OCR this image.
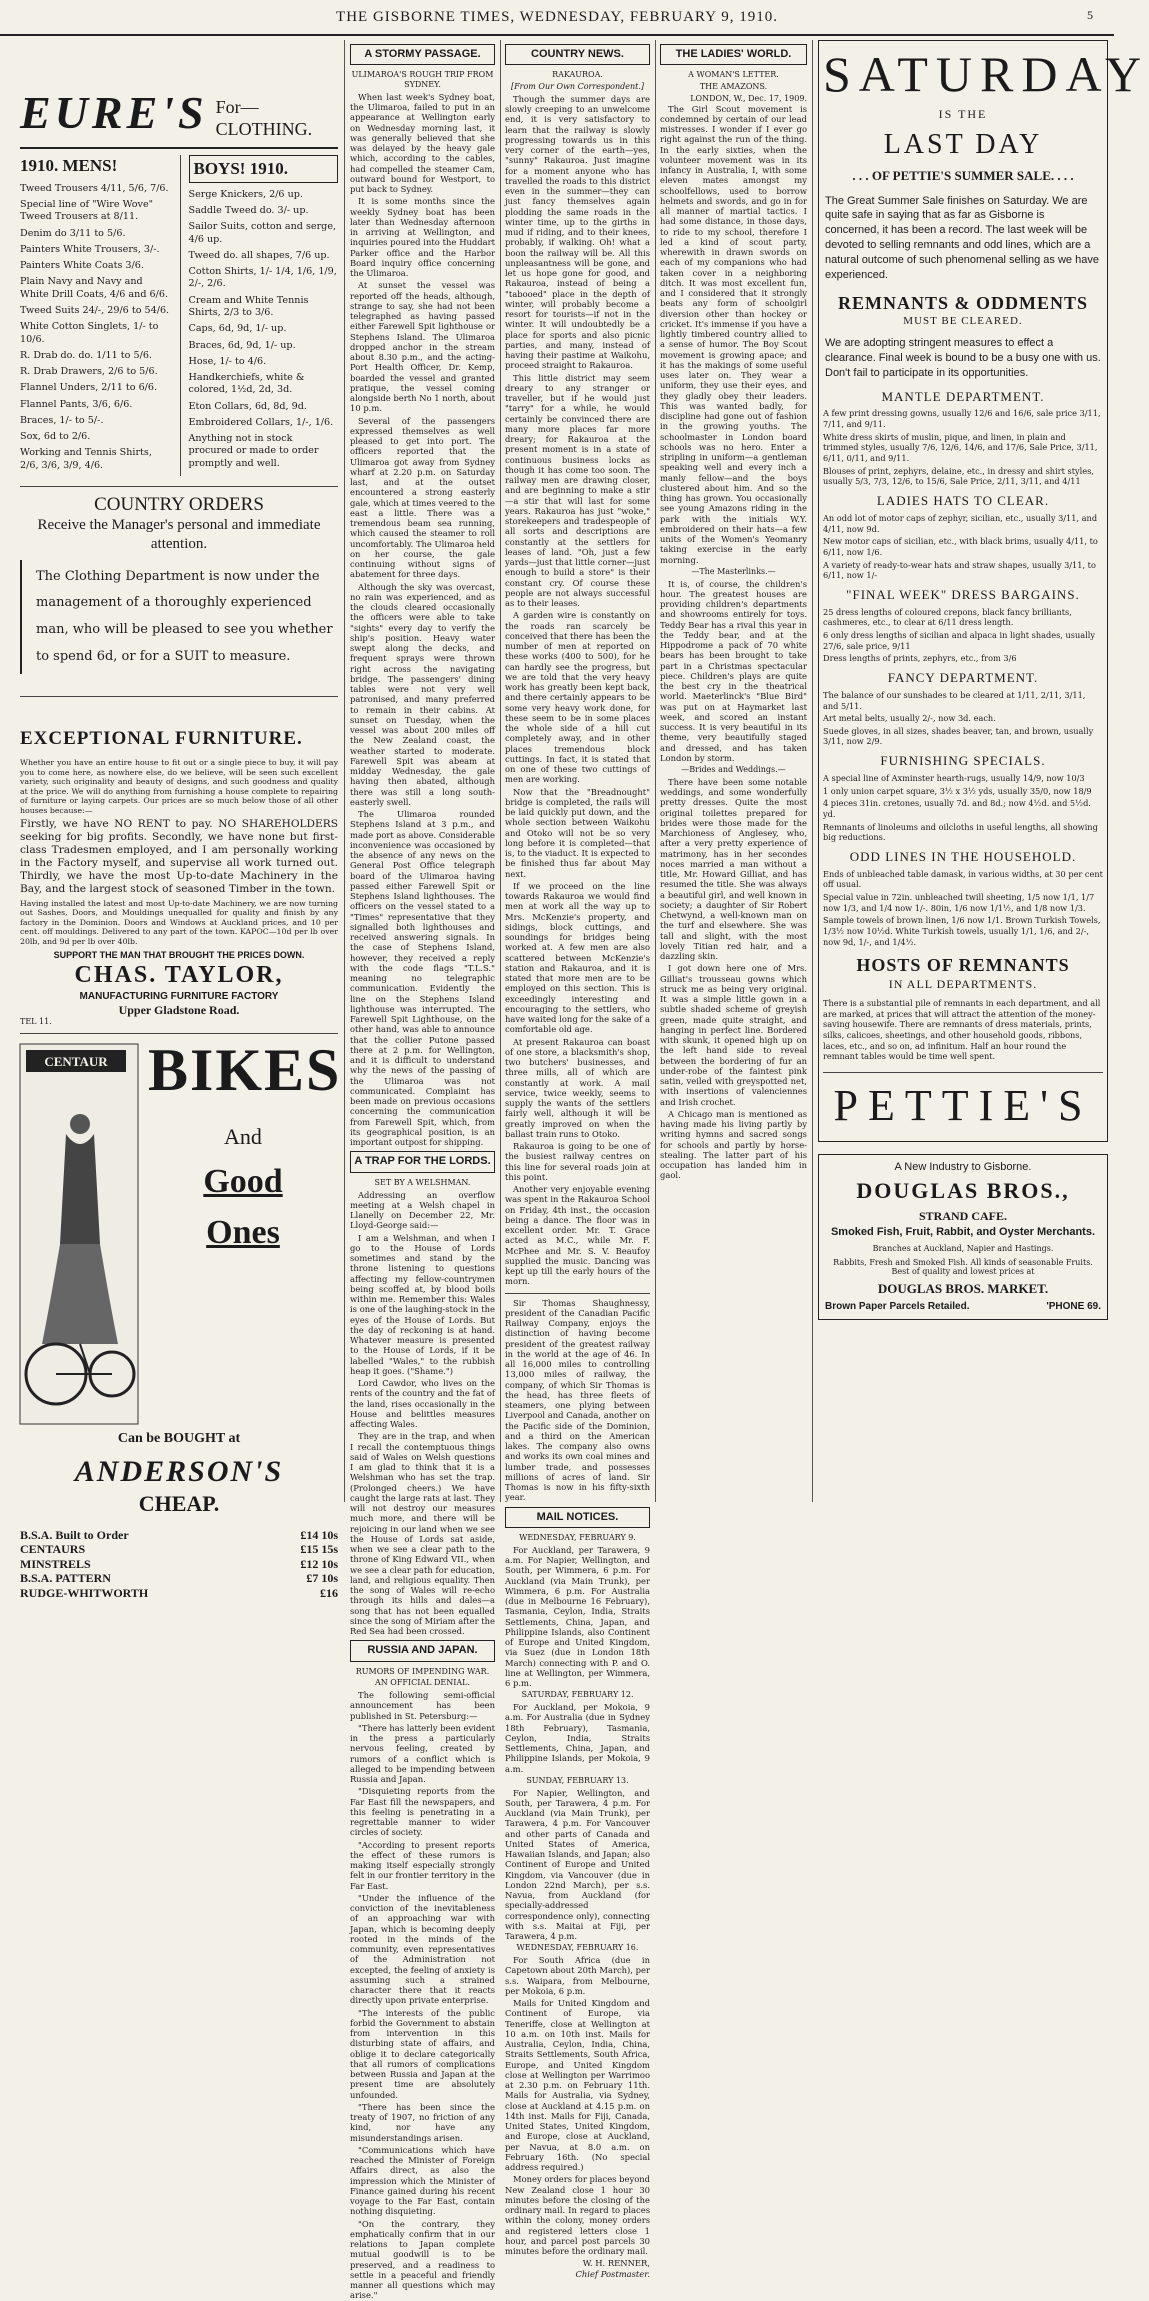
THE GISBORNE TIMES, WEDNESDAY, FEBRUARY 9, 1910.	5
EURE'S For—CLOTHING.
1910. MENS!
Tweed Trousers 4/11, 5/6, 7/6.
Special line of "Wire Wove" Tweed Trousers at 8/11.
Denim do 3/11 to 5/6.
Painters White Trousers, 3/-.
Painters White Coats 3/6.
Plain Navy and Navy and White Drill Coats, 4/6 and 6/6.
Tweed Suits 24/-, 29/6 to 54/6.
White Cotton Singlets, 1/- to 10/6.
R. Drab do. do. 1/11 to 5/6.
R. Drab Drawers, 2/6 to 5/6.
Flannel Unders, 2/11 to 6/6.
Flannel Pants, 3/6, 6/6.
Braces, 1/- to 5/-.
Sox, 6d to 2/6.
Working and Tennis Shirts, 2/6, 3/6, 3/9, 4/6.
BOYS! 1910.
Serge Knickers, 2/6 up.
Saddle Tweed do. 3/- up.
Sailor Suits, cotton and serge, 4/6 up.
Tweed do. all shapes, 7/6 up.
Cotton Shirts, 1/- 1/4, 1/6, 1/9, 2/-, 2/6.
Cream and White Tennis Shirts, 2/3 to 3/6.
Caps, 6d, 9d, 1/- up.
Braces, 6d, 9d, 1/- up.
Hose, 1/- to 4/6.
Handkerchiefs, white & colored, 1½d, 2d, 3d.
Eton Collars, 6d, 8d, 9d.
Embroidered Collars, 1/-, 1/6.
Anything not in stock procured or made to order promptly and well.
COUNTRY ORDERS
Receive the Manager's personal and immediate attention.
The Clothing Department is now under the management of a thoroughly experienced man, who will be pleased to see you whether to spend 6d, or for a SUIT to measure.
EXCEPTIONAL FURNITURE.

Whether you have an entire house to fit out or a single piece to buy, it will pay you to come here, as nowhere else, do we believe, will be seen such excellent variety, such originality and beauty of designs, and such goodness and quality at the price. We will do anything from furnishing a house complete to repairing of furniture or laying carpets. Our prices are so much below those of all other houses because:—

Firstly, we have NO RENT to pay. NO SHAREHOLDERS seeking for big profits. Secondly, we have none but first-class Tradesmen employed, and I am personally working in the Factory myself, and supervise all work turned out. Thirdly, we have the most Up-to-date Machinery in the Bay, and the largest stock of seasoned Timber in the town.

Having installed the latest and most Up-to-date Machinery, we are now turning out Sashes, Doors, and Mouldings unequalled for quality and finish by any factory in the Dominion. Doors and Windows at Auckland prices, and 10 per cent. off mouldings. Delivered to any part of the town. KAPOC—10d per lb over 20lb, and 9d per lb over 40lb.

SUPPORT THE MAN THAT BROUGHT THE PRICES DOWN.
CHAS. TAYLOR,
MANUFACTURING FURNITURE FACTORY
Upper Gladstone Road.
TEL 11.
CENTAUR BIKES
And
Good
Ones
Can be BOUGHT at
ANDERSON'S
CHEAP.
B.S.A. Built to Order	£14 10s
CENTAURS	£15 15s
MINSTRELS	£12 10s
B.S.A. PATTERN	£7 10s
RUDGE-WHITWORTH	£16
A STORMY PASSAGE.
ULIMAROA'S ROUGH TRIP FROM SYDNEY.

When last week's Sydney boat, the Ulimaroa, failed to put in an appearance at Wellington early on Wednesday morning last, it was generally believed that she was delayed by the heavy gale which, according to the cables, had compelled the steamer Cam, outward bound for Westport, to put back to Sydney.

It is some months since the weekly Sydney boat has been later than Wednesday afternoon in arriving at Wellington, and inquiries poured into the Huddart Parker office and the Harbor Board inquiry office concerning the Ulimaroa.

At sunset the vessel was reported off the heads, although, strange to say, she had not been telegraphed as having passed either Farewell Spit lighthouse or Stephens Island. The Ulimaroa dropped anchor in the stream about 8.30 p.m., and the acting-Port Health Officer, Dr. Kemp, boarded the vessel and granted pratique, the vessel coming alongside berth No 1 north, about 10 p.m.

Several of the passengers expressed themselves as well pleased to get into port. The officers reported that the Ulimaroa got away from Sydney wharf at 2.20 p.m. on Saturday last, and at the outset encountered a strong easterly gale, which at times veered to the east a little. There was a tremendous beam sea running, which caused the steamer to roll uncomfortably. The Ulimaroa held on her course, the gale continuing without signs of abatement for three days.

Although the sky was overcast, no rain was experienced, and as the clouds cleared occasionally the officers were able to take "sights" every day to verify the ship's position. Heavy water swept along the decks, and frequent sprays were thrown right across the navigating bridge. The passengers' dining tables were not very well patronised, and many preferred to remain in their cabins. At sunset on Tuesday, when the vessel was about 200 miles off the New Zealand coast, the weather started to moderate. Farewell Spit was abeam at midday Wednesday, the gale having then abated, although there was still a long south-easterly swell.

The Ulimaroa rounded Stephens Island at 3 p.m., and made port as above. Considerable inconvenience was occasioned by the absence of any news on the General Post Office telegraph board of the Ulimaroa having passed either Farewell Spit or Stephens Island lighthouses. The officers on the vessel stated to a "Times" representative that they signalled both lighthouses and received answering signals. In the case of Stephens Island, however, they received a reply with the code flags "T.L.S." meaning no telegraphic communication. Evidently the line on the Stephens Island lighthouse was interrupted. The Farewell Spit Lighthouse, on the other hand, was able to announce that the collier Putone passed there at 2 p.m. for Wellington, and it is difficult to understand why the news of the passing of the Ulimaroa was not communicated. Complaint has been made on previous occasions concerning the communication from Farewell Spit, which, from its geographical position, is an important outpost for shipping.

A TRAP FOR THE LORDS.
SET BY A WELSHMAN.

Addressing an overflow meeting at a Welsh chapel in Llanelly on December 22, Mr. Lloyd-George said:—

I am a Welshman, and when I go to the House of Lords sometimes and stand by the throne listening to questions affecting my fellow-countrymen being scoffed at, by blood boils within me. Remember this: Wales is one of the laughing-stock in the eyes of the House of Lords. But the day of reckoning is at hand. Whatever measure is presented to the House of Lords, if it be labelled "Wales," to the rubbish heap it goes. ("Shame.")

Lord Cawdor, who lives on the rents of the country and the fat of the land, rises occasionally in the House and belittles measures affecting Wales.

They are in the trap, and when I recall the contemptuous things said of Wales on Welsh questions I am glad to think that it is a Welshman who has set the trap. (Prolonged cheers.) We have caught the large rats at last. They will not destroy our measures much more, and there will be rejoicing in our land when we see the House of Lords sat aside, when we see a clear path to the throne of King Edward VII., when we see a clear path for education, land, and religious equality. Then the song of Wales will re-echo through its hills and dales—a song that has not been equalled since the song of Miriam after the Red Sea had been crossed.

RUSSIA AND JAPAN.
RUMORS OF IMPENDING WAR.
AN OFFICIAL DENIAL.

The following semi-official announcement has been published in St. Petersburg:—

"There has latterly been evident in the press a particularly nervous feeling, created by rumors of a conflict which is alleged to be impending between Russia and Japan.

"Disquieting reports from the Far East fill the newspapers, and this feeling is penetrating in a regrettable manner to wider circles of society.

"According to present reports the effect of these rumors is making itself especially strongly felt in our frontier territory in the Far East.

"Under the influence of the conviction of the inevitableness of an approaching war with Japan, which is becoming deeply rooted in the minds of the community, even representatives of the Administration not excepted, the feeling of anxiety is assuming such a strained character there that it reacts directly upon private enterprise.

"The interests of the public forbid the Government to abstain from intervention in this disturbing state of affairs, and oblige it to declare categorically that all rumors of complications between Russia and Japan at the present time are absolutely unfounded.

"There has been since the treaty of 1907, no friction of any kind, nor have any misunderstandings arisen.

"Communications which have reached the Minister of Foreign Affairs direct, as also the impression which the Minister of Finance gained during his recent voyage to the Far East, contain nothing disquieting.

"On the contrary, they emphatically confirm that in our relations to Japan complete mutual goodwill is to be preserved, and a readiness to settle in a peaceful and friendly manner all questions which may arise."

COUNTRY NEWS.
RAKAUROA.
[From Our Own Correspondent.]

Though the summer days are slowly creeping to an unwelcome end, it is very satisfactory to learn that the railway is slowly progressing towards us in this very corner of the earth—yes, "sunny" Rakauroa. Just imagine for a moment anyone who has travelled the roads to this district even in the summer—they can just fancy themselves again plodding the same roads in the winter time, up to the girths in mud if riding, and to their knees, probably, if walking. Oh! what a boon the railway will be. All this unpleasantness will be gone, and let us hope gone for good, and Rakauroa, instead of being a "tabooed" place in the depth of winter, will probably become a resort for tourists—if not in the winter. It will undoubtedly be a place for sports and also picnic parties, and many, instead of having their pastime at Waikohu, proceed straight to Rakauroa.

This little district may seem dreary to any stranger or traveller, but if he would just "tarry" for a while, he would certainly be convinced there are many more places far more dreary; for Rakauroa at the present moment is in a state of continuous business locks as though it has come too soon. The railway men are drawing closer, and are beginning to make a stir—a stir that will last for some years. Rakauroa has just "woke," storekeepers and tradespeople of all sorts and descriptions are constantly at the settlers for leases of land. "Oh, just a few yards—just that little corner—just enough to build a store" is their constant cry. Of course these people are not always successful as to their leases.

A garden wire is constantly on the roads ran scarcely be conceived that there has been the number of men at reported on these works (400 to 500), for he can hardly see the progress, but we are told that the very heavy work has greatly been kept back, and there certainly appears to be some very heavy work done, for these seem to be in some places the whole side of a hill cut completely away, and in other places tremendous block cuttings. In fact, it is stated that on one of these two cuttings of men are working.

Now that the "Breadnought" bridge is completed, the rails will be laid quickly put down, and the whole section between Waikohu and Otoko will not be so very long before it is completed—that is, to the viaduct. It is expected to be finished thus far about May next.

If we proceed on the line towards Rakauroa we would find men at work all the way up to Mrs. McKenzie's property, and sidings, block cuttings, and soundings for bridges being worked at. A few men are also scattered between McKenzie's station and Rakauroa, and it is stated that more men are to be employed on this section. This is exceedingly interesting and encouraging to the settlers, who have waited long for the sake of a comfortable old age.

At present Rakauroa can boast of one store, a blacksmith's shop, two butchers' businesses, and three mills, all of which are constantly at work. A mail service, twice weekly, seems to supply the wants of the settlers fairly well, although it will be greatly improved on when the ballast train runs to Otoko.

Rakauroa is going to be one of the busiest railway centres on this line for several roads join at this point.

Another very enjoyable evening was spent in the Rakauroa School on Friday, 4th inst., the occasion being a dance. The floor was in excellent order. Mr. T. Grace acted as M.C., while Mr. F. McPhee and Mr. S. V. Beaufoy supplied the music. Dancing was kept up till the early hours of the morn.

Sir Thomas Shaughnessy, president of the Canadian Pacific Railway Company, enjoys the distinction of having become president of the greatest railway in the world at the age of 46. In all 16,000 miles to controlling 13,000 miles of railway, the company, of which Sir Thomas is the head, has three fleets of steamers, one plying between Liverpool and Canada, another on the Pacific side of the Dominion, and a third on the American lakes. The company also owns and works its own coal mines and lumber trade, and possesses millions of acres of land. Sir Thomas is now in his fifty-sixth year.

MAIL NOTICES.
WEDNESDAY, FEBRUARY 9.

For Auckland, per Tarawera, 9 a.m. For Napier, Wellington, and South, per Wimmera, 6 p.m. For Auckland (via Main Trunk), per Wimmera, 6 p.m. For Australia (due in Melbourne 16 February), Tasmania, Ceylon, India, Straits Settlements, China, Japan, and Philippine Islands, also Continent of Europe and United Kingdom, via Suez (due in London 18th March) connecting with P. and O. line at Wellington, per Wimmera, 6 p.m.

SATURDAY, FEBRUARY 12.

For Auckland, per Mokoia, 9 a.m. For Australia (due in Sydney 18th February), Tasmania, Ceylon, India, Straits Settlements, China, Japan, and Philippine Islands, per Mokoia, 9 a.m.

SUNDAY, FEBRUARY 13.

For Napier, Wellington, and South, per Tarawera, 4 p.m. For Auckland (via Main Trunk), per Tarawera, 4 p.m. For Vancouver and other parts of Canada and United States of America, Hawaiian Islands, and Japan; also Continent of Europe and United Kingdom, via Vancouver (due in London 22nd March), per s.s. Navua, from Auckland (for specially-addressed correspondence only), connecting with s.s. Maitai at Fiji, per Tarawera, 4 p.m.

WEDNESDAY, FEBRUARY 16.

For South Africa (due in Capetown about 20th March), per s.s. Waipara, from Melbourne, per Mokoia, 6 p.m.

Mails for United Kingdom and Continent of Europe, via Teneriffe, close at Wellington at 10 a.m. on 10th inst. Mails for Australia, Ceylon, India, China, Straits Settlements, South Africa, Europe, and United Kingdom close at Wellington per Warrimoo at 2.30 p.m. on February 11th. Mails for Australia, via Sydney, close at Auckland at 4.15 p.m. on 14th inst. Mails for Fiji, Canada, United States, United Kingdom, and Europe, close at Auckland, per Navua, at 8.0 a.m. on February 16th. (No special address required.)

Money orders for places beyond New Zealand close 1 hour 30 minutes before the closing of the ordinary mail. In regard to places within the colony, money orders and registered letters close 1 hour, and parcel post parcels 30 minutes before the ordinary mail.

W. H. RENNER,
Chief Postmaster.
THE LADIES' WORLD.
A WOMAN'S LETTER.
THE AMAZONS.
LONDON, W., Dec. 17, 1909.

The Girl Scout movement is condemned by certain of our lead mistresses. I wonder if I ever go right against the run of the thing. In the early sixties, when the volunteer movement was in its infancy in Australia, I, with some eleven mates amongst my schoolfellows, used to borrow helmets and swords, and go in for all manner of martial tactics. I had some distance, in those days, to ride to my school, therefore I led a kind of scout party, wherewith in drawn swords on each of my companions who had taken cover in a neighboring ditch. It was most excellent fun, and I considered that it strongly beats any form of schoolgirl diversion other than hockey or cricket. It's immense if you have a lightly timbered country allied to a sense of humor. The Boy Scout movement is growing apace; and it has the makings of some useful uses later on. They wear a uniform, they use their eyes, and they gladly obey their leaders. This was wanted badly, for discipline had gone out of fashion in the growing youths. The schoolmaster in London board schools was no hero. Enter a stripling in uniform—a gentleman speaking well and every inch a manly fellow—and the boys clustered about him. And so the thing has grown. You occasionally see young Amazons riding in the park with the initials W.Y. embroidered on their hats—a few units of the Women's Yeomanry taking exercise in the early morning.

—The Masterlinks.—

It is, of course, the children's hour. The greatest houses are providing children's departments and showrooms entirely for toys. Teddy Bear has a rival this year in the Teddy bear, and at the Hippodrome a pack of 70 white bears has been brought to take part in a Christmas spectacular piece. Children's plays are quite the best cry in the theatrical world. Maeterlinck's "Blue Bird" was put on at Haymarket last week, and scored an instant success. It is very beautiful in its theme, very beautifully staged and dressed, and has taken London by storm.

—Brides and Weddings.—

There have been some notable weddings, and some wonderfully pretty dresses. Quite the most original toilettes prepared for brides were those made for the Marchioness of Anglesey, who, after a very pretty experience of matrimony, has in her secondes noces married a man without a title, Mr. Howard Gilliat, and has resumed the title. She was always a beautiful girl, and well known in society; a daughter of Sir Robert Chetwynd, a well-known man on the turf and elsewhere. She was tall and slight, with the most lovely Titian red hair, and a dazzling skin.

I got down here one of Mrs. Gilliat's trousseau gowns which struck me as being very original. It was a simple little gown in a subtle shaded scheme of greyish green, made quite straight, and hanging in perfect line. Bordered with skunk, it opened high up on the left hand side to reveal between the bordering of fur an under-robe of the faintest pink satin, veiled with greyspotted net, with insertions of valenciennes and Irish crochet.

A Chicago man is mentioned as having made his living partly by writing hymns and sacred songs for schools and partly by horse-stealing. The latter part of his occupation has landed him in gaol.

SATURDAY
IS THE
LAST DAY
. . . OF PETTIE'S SUMMER SALE. . . .

The Great Summer Sale finishes on Saturday. We are quite safe in saying that as far as Gisborne is concerned, it has been a record. The last week will be devoted to selling remnants and odd lines, which are a natural outcome of such phenomenal selling as we have experienced.

REMNANTS & ODDMENTS
MUST BE CLEARED.

We are adopting stringent measures to effect a clearance. Final week is bound to be a busy one with us. Don't fail to participate in its opportunities.

MANTLE DEPARTMENT.

A few print dressing gowns, usually 12/6 and 16/6, sale price 3/11, 7/11, and 9/11.

White dress skirts of muslin, pique, and linen, in plain and trimmed styles, usually 7/6, 12/6, 14/6, and 17/6, Sale Price, 3/11, 6/11, 0/11, and 9/11.

Blouses of print, zephyrs, delaine, etc., in dressy and shirt styles, usually 5/3, 7/3, 12/6, to 15/6, Sale Price, 2/11, 3/11, and 4/11

LADIES HATS TO CLEAR.

An odd lot of motor caps of zephyr, sicilian, etc., usually 3/11, and 4/11, now 9d.

New motor caps of sicilian, etc., with black brims, usually 4/11, to 6/11, now 1/6.

A variety of ready-to-wear hats and straw shapes, usually 3/11, to 6/11, now 1/-

"FINAL WEEK" DRESS BARGAINS.

25 dress lengths of coloured crepons, black fancy brilliants, cashmeres, etc., to clear at 6/11 dress length.

6 only dress lengths of sicilian and alpaca in light shades, usually 27/6, sale price, 9/11

Dress lengths of prints, zephyrs, etc., from 3/6

FANCY DEPARTMENT.

The balance of our sunshades to be cleared at 1/11, 2/11, 3/11, and 5/11.

Art metal belts, usually 2/-, now 3d. each.

Suede gloves, in all sizes, shades beaver, tan, and brown, usually 3/11, now 2/9.

FURNISHING SPECIALS.

A special line of Axminster hearth-rugs, usually 14/9, now 10/3

1 only union carpet square, 3½ x 3½ yds, usually 35/0, now 18/9

4 pieces 31in. cretones, usually 7d. and 8d.; now 4½d. and 5½d. yd.

Remnants of linoleums and oilcloths in useful lengths, all showing big reductions.

ODD LINES IN THE HOUSEHOLD.

Ends of unbleached table damask, in various widths, at 30 per cent off usual.

Special value in 72in. unbleached twill sheeting, 1/5 now 1/1, 1/7 now 1/3, and 1/4 now 1/-. 80in, 1/6 now 1/1½, and 1/8 now 1/3.

Sample towels of brown linen, 1/6 now 1/1. Brown Turkish Towels, 1/3½ now 10½d. White Turkish towels, usually 1/1, 1/6, and 2/-, now 9d, 1/-, and 1/4½.

HOSTS OF REMNANTS
IN ALL DEPARTMENTS.

There is a substantial pile of remnants in each department, and all are marked, at prices that will attract the attention of the money-saving housewife. There are remnants of dress materials, prints, silks, calicoes, sheetings, and other household goods, ribbons, laces, etc., and so on, ad infinitum. Half an hour round the remnant tables would be time well spent.

PETTIE'S
A New Industry to Gisborne.
DOUGLAS BROS.,
STRAND CAFE.
Smoked Fish, Fruit, Rabbit, and Oyster Merchants.
Branches at Auckland, Napier and Hastings.
Rabbits, Fresh and Smoked Fish. All kinds of seasonable Fruits. Best of quality and lowest prices at
DOUGLAS BROS. MARKET.
Brown Paper Parcels Retailed.	'PHONE 69.
